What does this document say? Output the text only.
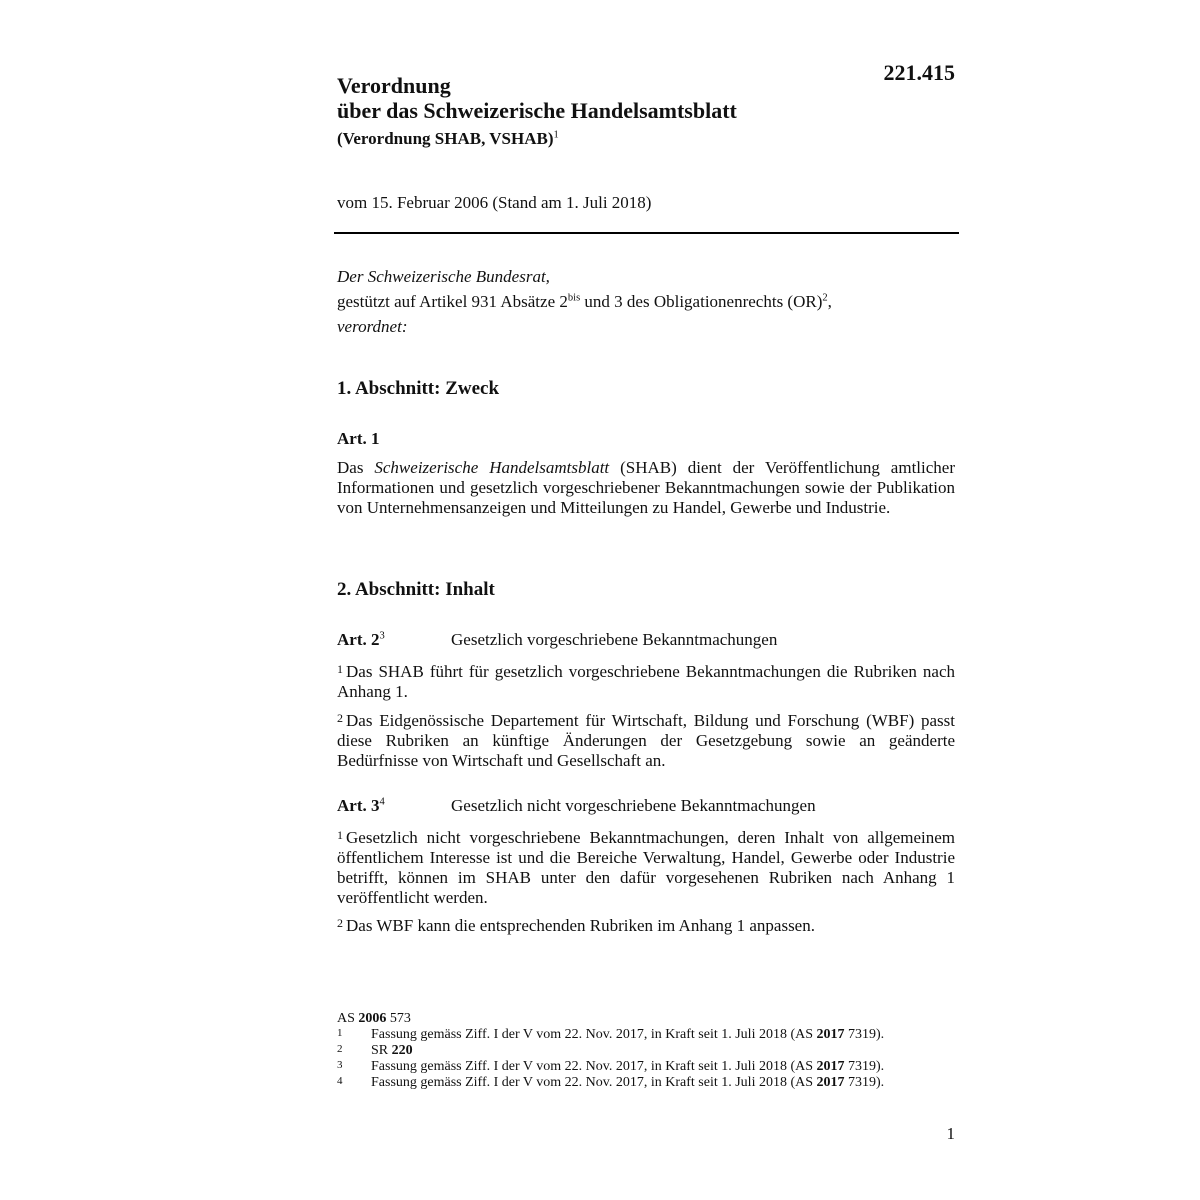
221.415
Verordnung
über das Schweizerische Handelsamtsblatt
(Verordnung SHAB, VSHAB)$^1$
vom 15. Februar 2006 (Stand am 1. Juli 2018)
Der Schweizerische Bundesrat,
gestützt auf Artikel 931 Absätze $2^{bis}$ und 3 des Obligationenrechts (OR)$^2$,
verordnet:
1. Abschnitt: Zweck
Art. 1
Das Schweizerische Handelsamtsblatt (SHAB) dient der Veröffentlichung amtlicher Informationen und gesetzlich vorgeschriebener Bekanntmachungen sowie der Publikation von Unternehmensanzeigen und Mitteilungen zu Handel, Gewerbe und Industrie.
2. Abschnitt: Inhalt
Art. $2^3$	Gesetzlich vorgeschriebene Bekanntmachungen
$^1$ Das SHAB führt für gesetzlich vorgeschriebene Bekanntmachungen die Rubriken nach Anhang 1.
$^2$ Das Eidgenössische Departement für Wirtschaft, Bildung und Forschung (WBF) passt diese Rubriken an künftige Änderungen der Gesetzgebung sowie an geänderte Bedürfnisse von Wirtschaft und Gesellschaft an.
Art. $3^4$	Gesetzlich nicht vorgeschriebene Bekanntmachungen
$^1$ Gesetzlich nicht vorgeschriebene Bekanntmachungen, deren Inhalt von allgemeinem öffentlichem Interesse ist und die Bereiche Verwaltung, Handel, Gewerbe oder Industrie betrifft, können im SHAB unter den dafür vorgesehenen Rubriken nach Anhang 1 veröffentlicht werden.
$^2$ Das WBF kann die entsprechenden Rubriken im Anhang 1 anpassen.
AS 2006 573
1	Fassung gemäss Ziff. I der V vom 22. Nov. 2017, in Kraft seit 1. Juli 2018 (AS 2017 7319).
2	SR 220
3	Fassung gemäss Ziff. I der V vom 22. Nov. 2017, in Kraft seit 1. Juli 2018 (AS 2017 7319).
4	Fassung gemäss Ziff. I der V vom 22. Nov. 2017, in Kraft seit 1. Juli 2018 (AS 2017 7319).
1
